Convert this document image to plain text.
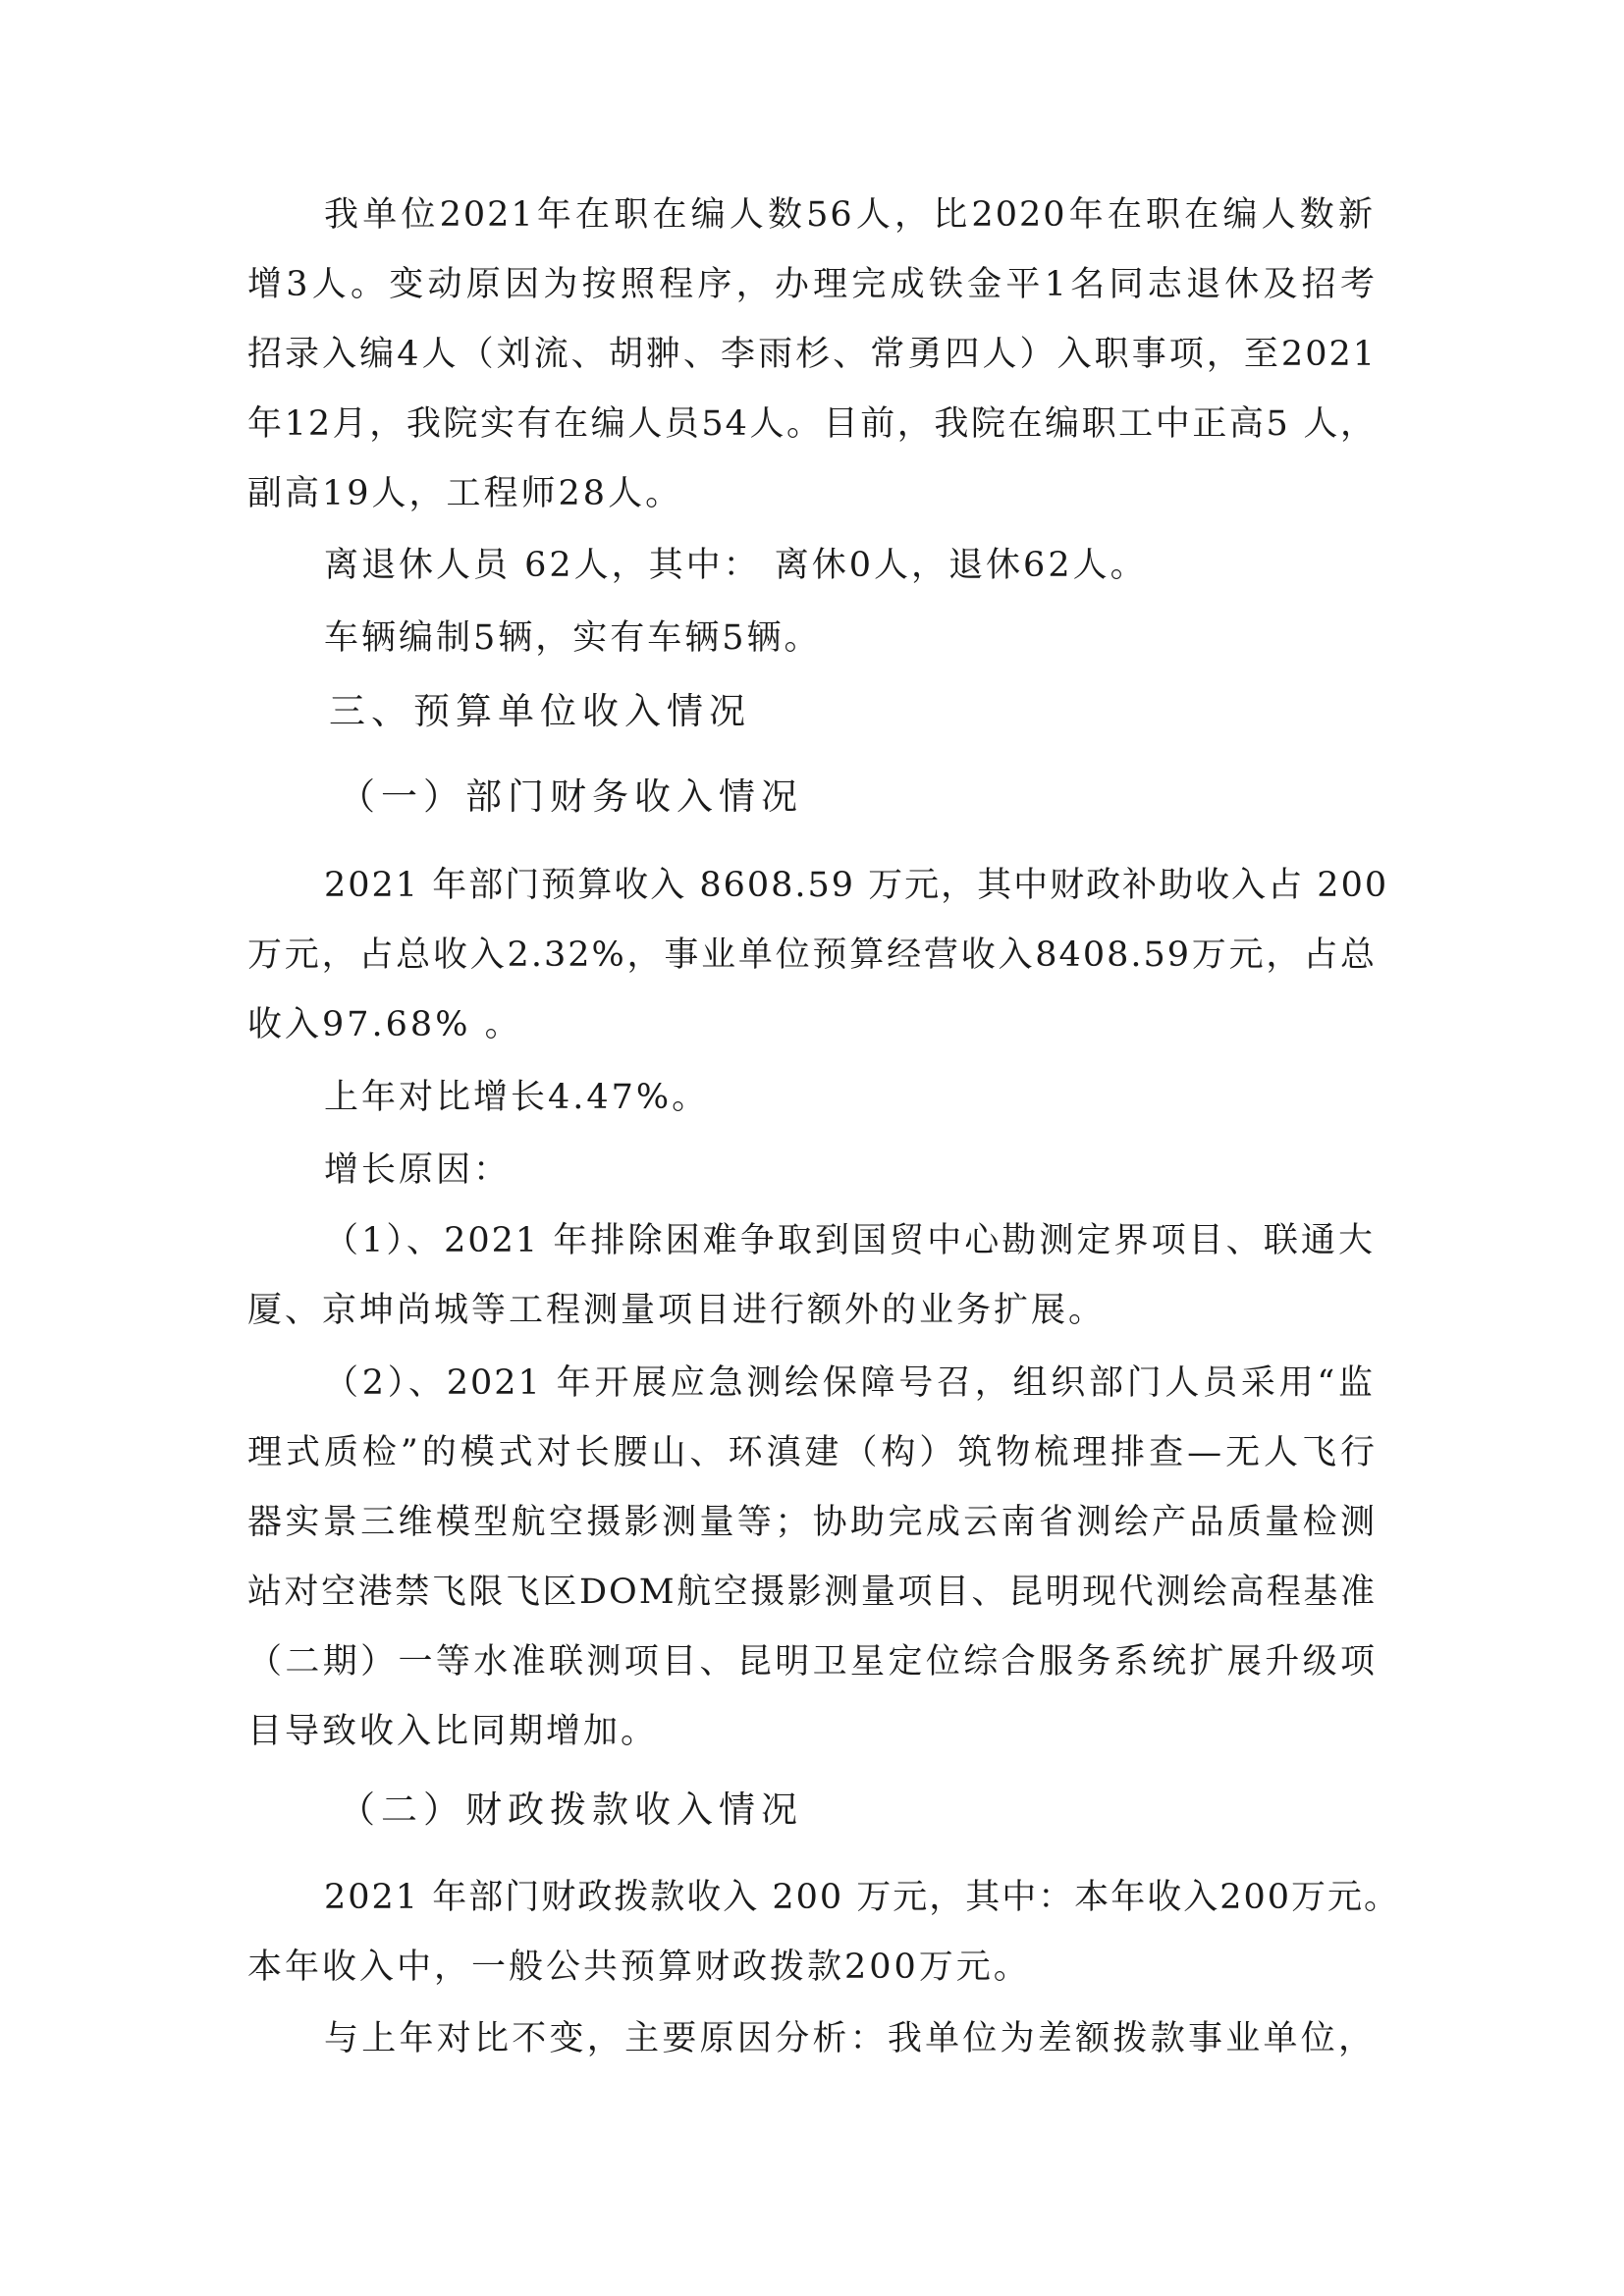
我单位2021年在职在编人数56人，比2020年在职在编人数新
增3人。变动原因为按照程序，办理完成铁金平1名同志退休及招考
招录入编4人（刘流、胡翀、李雨杉、常勇四人）入职事项，至2021
年12月，我院实有在编人员54人。目前，我院在编职工中正高5 人，
副高19人，工程师28人。
离退休人员 62人，其中： 离休0人，退休62人。
车辆编制5辆，实有车辆5辆。
三、预算单位收入情况
（一）部门财务收入情况
2021 年部门预算收入 8608.59 万元，其中财政补助收入占 200
万元，占总收入2.32%，事业单位预算经营收入8408.59万元，占总
收入97.68% 。
上年对比增长4.47%。
增长原因：
（1）、2021 年排除困难争取到国贸中心勘测定界项目、联通大
厦、京坤尚城等工程测量项目进行额外的业务扩展。
（2）、2021 年开展应急测绘保障号召，组织部门人员采用“监
理式质检”的模式对长腰山、环滇建（构）筑物梳理排查—无人飞行
器实景三维模型航空摄影测量等；协助完成云南省测绘产品质量检测
站对空港禁飞限飞区DOM航空摄影测量项目、昆明现代测绘高程基准
（二期）一等水准联测项目、昆明卫星定位综合服务系统扩展升级项
目导致收入比同期增加。
（二）财政拨款收入情况
2021 年部门财政拨款收入 200 万元，其中：本年收入200万元。
本年收入中，一般公共预算财政拨款200万元。
与上年对比不变，主要原因分析：我单位为差额拨款事业单位，
